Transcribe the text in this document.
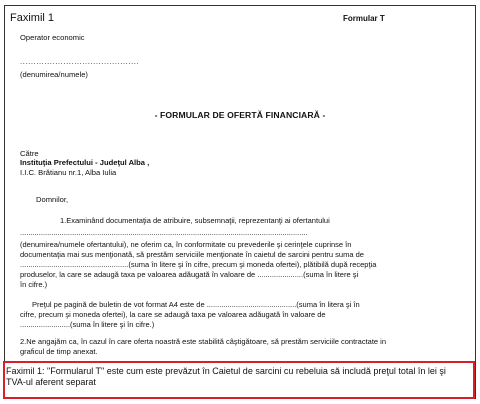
Faximil 1	Formular T
Operator economic
............................................
(denumirea/numele)
- FORMULAR DE OFERTĂ FINANCIARĂ -
Către
Instituţia Prefectului - Judeţul Alba ,
I.I.C. Brătianu nr.1, Alba Iulia
Domnilor,
1.Examinând documentaţia de atribuire, subsemnaţii, reprezentanţi ai ofertantului
..........................................................................................................................................
(denumirea/numele ofertantului), ne oferim ca, în conformitate cu prevederile şi cerinţele cuprinse în
documentaţia mai sus menţionată, să prestăm serviciile menţionate în caietul de sarcini pentru suma de
....................................................(suma în litere şi în cifre, precum şi moneda ofertei), plătibilă după recepţia
produselor, la care se adaugă taxa pe valoarea adăugată în valoare de ......................(suma în litere şi
în cifre.)
Preţul pe pagină de buletin de vot format A4 este de ...........................................(suma în litera şi în
cifre, precum şi moneda ofertei), la care se adaugă taxa pe valoarea adăugată în valoare de
........................(suma în litere şi în cifre.)
2.Ne angajăm ca, în cazul în care oferta noastră este stabilită câştigătoare, să prestăm serviciile contractate in
graficul de timp anexat.
Faximil 1: "Formularul T" este cum este prevăzut în Caietul de sarcini cu rebeluia să includă preţul total în lei şi TVA-ul aferent separat
